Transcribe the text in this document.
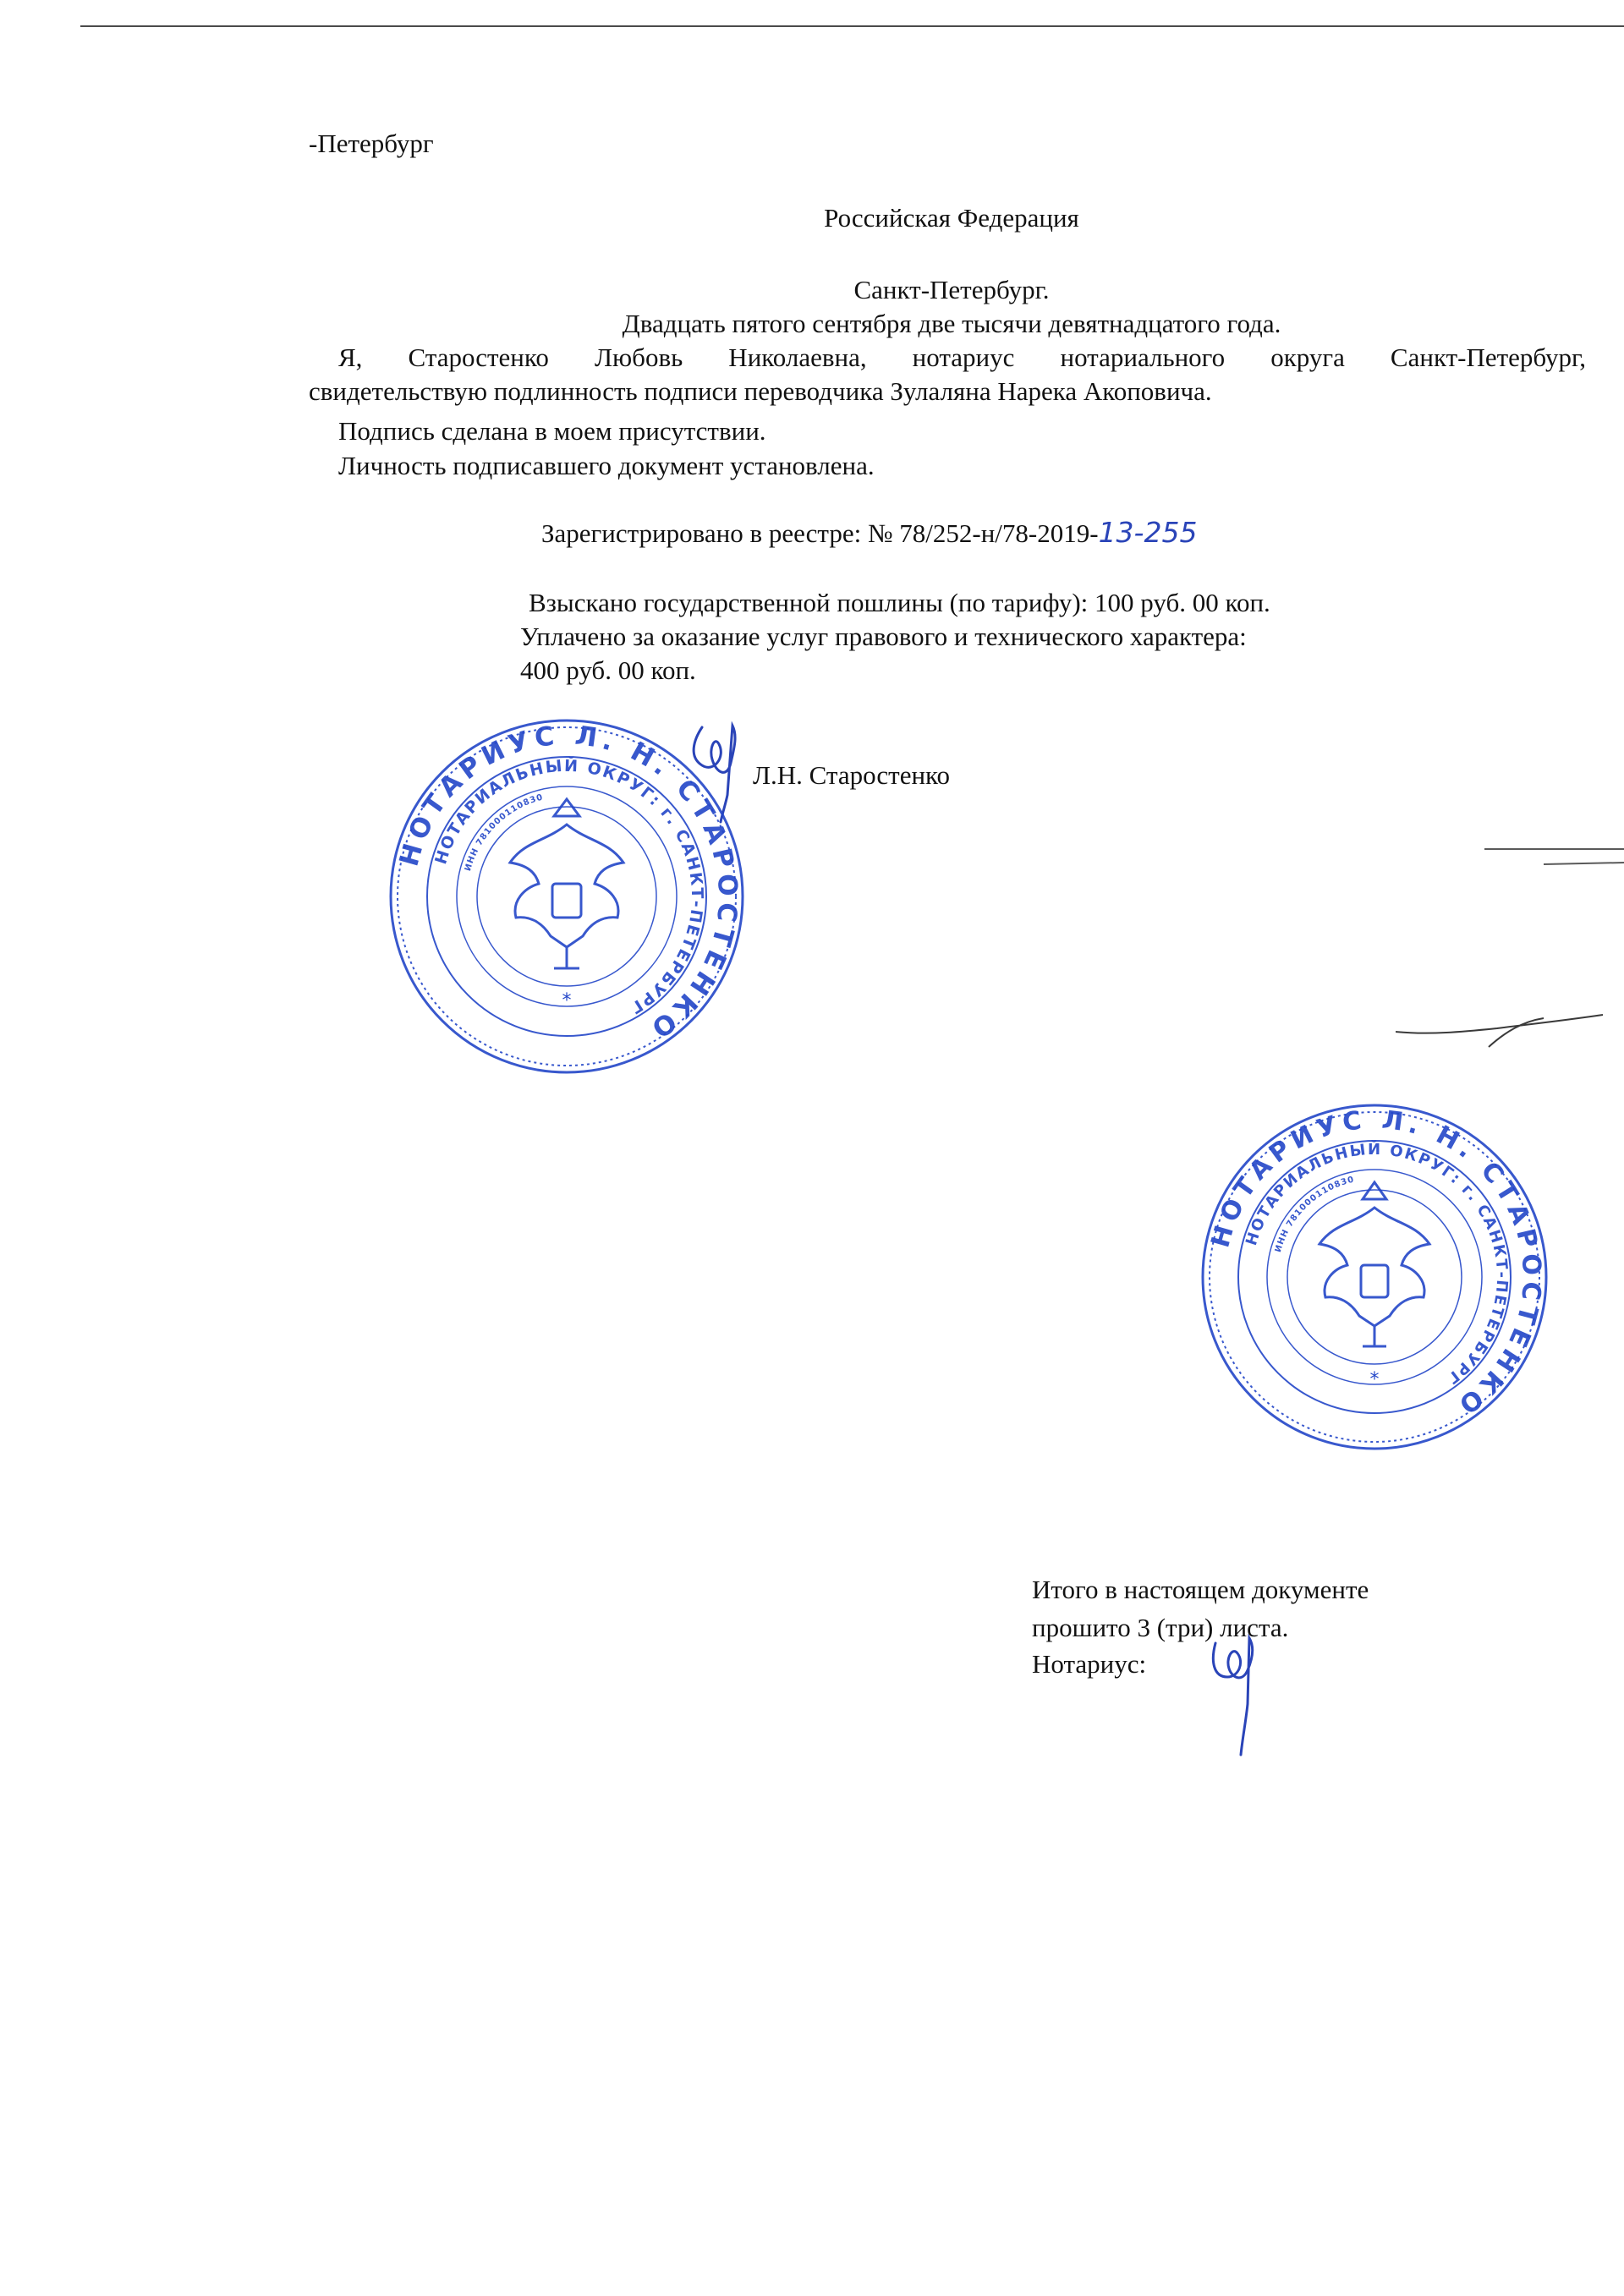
-Петербург
Российская Федерация
Санкт-Петербург.
Двадцать пятого сентября две тысячи девятнадцатого года.
Я, Старостенко Любовь Николаевна, нотариус нотариального округа Санкт-Петербург,
свидетельствую подлинность подписи переводчика Зулаляна Нарека Акоповича.
Подпись сделана в моем присутствии.
Личность подписавшего документ установлена.
Зарегистрировано в реестре: № 78/252-н/78-2019-13-255
Взыскано государственной пошлины (по тарифу): 100 руб. 00 коп.
Уплачено за оказание услуг правового и технического характера:
400 руб. 00 коп.
Л.Н. Старостенко
Итого в настоящем документе
прошито 3 (три) листа.
Нотариус:
НОТАРИУС Л. Н. СТАРОСТЕНКО
НОТАРИАЛЬНЫЙ ОКРУГ: г. САНКТ-ПЕТЕРБУРГ
ИНН 781000110830
*
НОТАРИУС Л. Н. СТАРОСТЕНКО
НОТАРИАЛЬНЫЙ ОКРУГ: г. САНКТ-ПЕТЕРБУРГ
ИНН 781000110830
*
